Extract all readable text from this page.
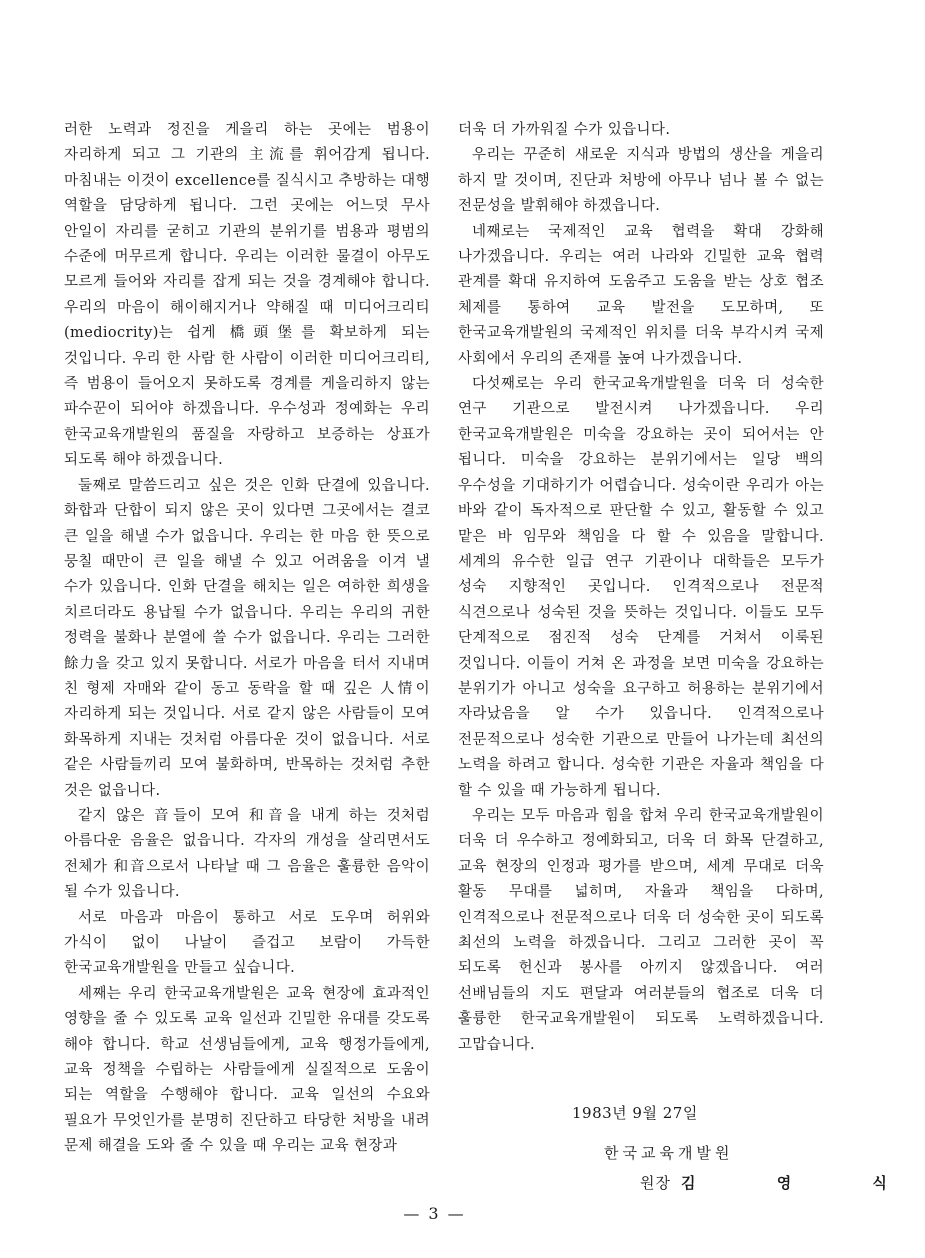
러한 노력과 정진을 게을리 하는 곳에는 범용이 자리하게 되고 그 기관의 主流를 휘어감게 됩니다. 마침내는 이것이 excellence를 질식시고 추방하는 대행 역할을 담당하게 됩니다. 그런 곳에는 어느덧 무사 안일이 자리를 굳히고 기관의 분위기를 범용과 평범의 수준에 머무르게 합니다. 우리는 이러한 물결이 아무도 모르게 들어와 자리를 잡게 되는 것을 경계해야 합니다. 우리의 마음이 해이해지거나 약해질 때 미디어크리티(mediocrity)는 쉽게 橋頭堡를 확보하게 되는 것입니다. 우리 한 사람 한 사람이 이러한 미디어크리티, 즉 범용이 들어오지 못하도록 경계를 게을리하지 않는 파수꾼이 되어야 하겠읍니다. 우수성과 정예화는 우리 한국교육개발원의 품질을 자랑하고 보증하는 상표가 되도록 해야 하겠읍니다.

둘째로 말씀드리고 싶은 것은 인화 단결에 있읍니다. 화합과 단합이 되지 않은 곳이 있다면 그곳에서는 결코 큰 일을 해낼 수가 없읍니다. 우리는 한 마음 한 뜻으로 뭉칠 때만이 큰 일을 해낼 수 있고 어려움을 이겨 낼 수가 있읍니다. 인화 단결을 해치는 일은 여하한 희생을 치르더라도 용납될 수가 없읍니다. 우리는 우리의 귀한 정력을 불화나 분열에 쓸 수가 없읍니다. 우리는 그러한 餘力을 갖고 있지 못합니다. 서로가 마음을 터서 지내며 친 형제 자매와 같이 동고 동락을 할 때 깊은 人情이 자리하게 되는 것입니다. 서로 같지 않은 사람들이 모여 화목하게 지내는 것처럼 아름다운 것이 없읍니다. 서로 같은 사람들끼리 모여 불화하며, 반목하는 것처럼 추한 것은 없읍니다.

같지 않은 音들이 모여 和音을 내게 하는 것처럼 아름다운 음율은 없읍니다. 각자의 개성을 살리면서도 전체가 和音으로서 나타날 때 그 음율은 훌륭한 음악이 될 수가 있읍니다.

서로 마음과 마음이 통하고 서로 도우며 허위와 가식이 없이 나날이 즐겁고 보람이 가득한 한국교육개발원을 만들고 싶습니다.

세째는 우리 한국교육개발원은 교육 현장에 효과적인 영향을 줄 수 있도록 교육 일선과 긴밀한 유대를 갖도록 해야 합니다. 학교 선생님들에게, 교육 행정가들에게, 교육 정책을 수립하는 사람들에게 실질적으로 도움이 되는 역할을 수행해야 합니다. 교육 일선의 수요와 필요가 무엇인가를 분명히 진단하고 타당한 처방을 내려 문제 해결을 도와 줄 수 있을 때 우리는 교육 현장과

더욱 더 가까워질 수가 있읍니다.

우리는 꾸준히 새로운 지식과 방법의 생산을 게을리 하지 말 것이며, 진단과 처방에 아무나 넘나 볼 수 없는 전문성을 발휘해야 하겠읍니다.

네째로는 국제적인 교육 협력을 확대 강화해 나가겠읍니다. 우리는 여러 나라와 긴밀한 교육 협력 관계를 확대 유지하여 도움주고 도움을 받는 상호 협조 체제를 통하여 교육 발전을 도모하며, 또 한국교육개발원의 국제적인 위치를 더욱 부각시켜 국제 사회에서 우리의 존재를 높여 나가겠읍니다.

다섯째로는 우리 한국교육개발원을 더욱 더 성숙한 연구 기관으로 발전시켜 나가겠읍니다. 우리 한국교육개발원은 미숙을 강요하는 곳이 되어서는 안 됩니다. 미숙을 강요하는 분위기에서는 일당 백의 우수성을 기대하기가 어렵습니다. 성숙이란 우리가 아는 바와 같이 독자적으로 판단할 수 있고, 활동할 수 있고 맡은 바 임무와 책임을 다 할 수 있음을 말합니다. 세계의 유수한 일급 연구 기관이나 대학들은 모두가 성숙 지향적인 곳입니다. 인격적으로나 전문적 식견으로나 성숙된 것을 뜻하는 것입니다. 이들도 모두 단계적으로 점진적 성숙 단계를 거쳐서 이룩된 것입니다. 이들이 거쳐 온 과정을 보면 미숙을 강요하는 분위기가 아니고 성숙을 요구하고 허용하는 분위기에서 자라났음을 알 수가 있읍니다. 인격적으로나 전문적으로나 성숙한 기관으로 만들어 나가는데 최선의 노력을 하려고 합니다. 성숙한 기관은 자율과 책임을 다 할 수 있을 때 가능하게 됩니다.

우리는 모두 마음과 힘을 합쳐 우리 한국교육개발원이 더욱 더 우수하고 정예화되고, 더욱 더 화목 단결하고, 교육 현장의 인정과 평가를 받으며, 세계 무대로 더욱 활동 무대를 넓히며, 자율과 책임을 다하며, 인격적으로나 전문적으로나 더욱 더 성숙한 곳이 되도록 최선의 노력을 하겠읍니다. 그리고 그러한 곳이 꼭 되도록 헌신과 봉사를 아끼지 않겠읍니다. 여러 선배님들의 지도 편달과 여러분들의 협조로 더욱 더 훌륭한 한국교육개발원이 되도록 노력하겠읍니다. 고맙습니다.

1983년 9월 27일
한국교육개발원
원장 김 영 식
— 3 —
